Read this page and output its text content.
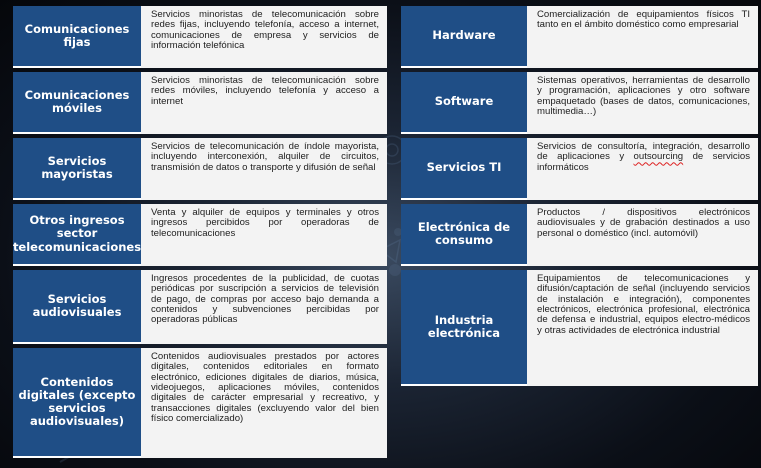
Comunicaciones fijas
Servicios minoristas de telecomunicación sobre redes fijas, incluyendo telefonía, acceso a internet, comunicaciones de empresa y servicios de información telefónica
Comunicaciones móviles
Servicios minoristas de telecomunicación sobre redes móviles, incluyendo telefonía y acceso a internet
Servicios mayoristas
Servicios de telecomunicación de índole mayorista, incluyendo interconexión, alquiler de circuitos, transmisión de datos o transporte y difusión de señal
Otros ingresos sector telecomunicaciones
Venta y alquiler de equipos y terminales y otros ingresos percibidos por operadoras de telecomunicaciones
Servicios audiovisuales
Ingresos procedentes de la publicidad, de cuotas periódicas por suscripción a servicios de televisión de pago, de compras por acceso bajo demanda a contenidos y subvenciones percibidas por operadoras públicas
Contenidos digitales (excepto servicios audiovisuales)
Contenidos audiovisuales prestados por actores digitales, contenidos editoriales en formato electrónico, ediciones digitales de diarios, música, videojuegos, aplicaciones móviles, contenidos digitales de carácter empresarial y recreativo, y transacciones digitales (excluyendo valor del bien físico comercializado)
Hardware
Comercialización de equipamientos físicos TI tanto en el ámbito doméstico como empresarial
Software
Sistemas operativos, herramientas de desarrollo y programación, aplicaciones y otro software empaquetado (bases de datos, comunicaciones, multimedia…)
Servicios TI
Servicios de consultoría, integración, desarrollo de aplicaciones y outsourcing de servicios informáticos
Electrónica de consumo
Productos / dispositivos electrónicos audiovisuales y de grabación destinados a uso personal o doméstico (incl. automóvil)
Industria electrónica
Equipamientos de telecomunicaciones y difusión/captación de señal (incluyendo servicios de instalación e integración), componentes electrónicos, electrónica profesional, electrónica de defensa e industrial, equipos electro-médicos y otras actividades de electrónica industrial
